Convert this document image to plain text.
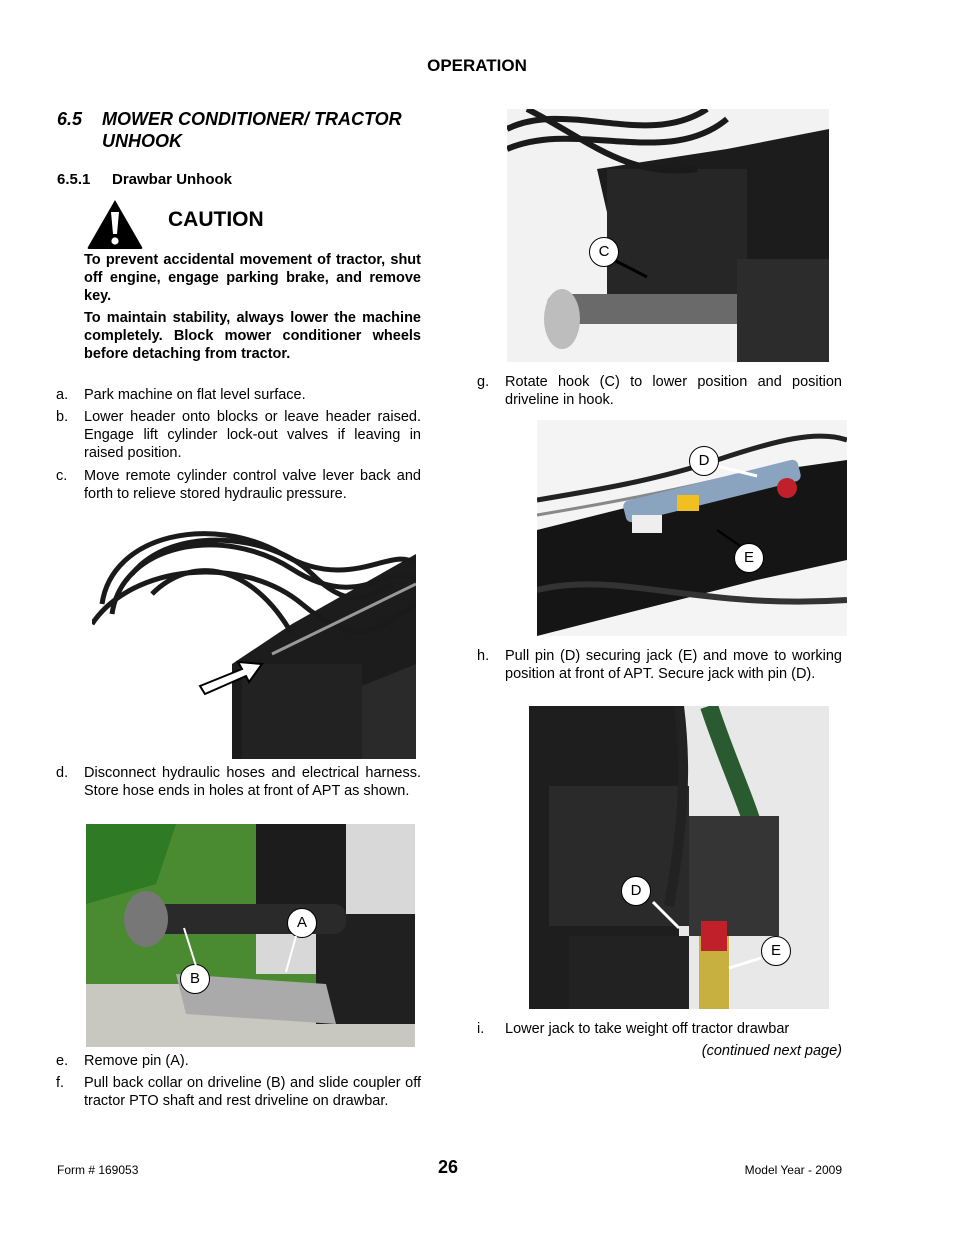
OPERATION
6.5 MOWER CONDITIONER/ TRACTOR
UNHOOK
6.5.1 Drawbar Unhook
CAUTION
To prevent accidental movement of tractor, shut off engine, engage parking brake, and remove key.
To maintain stability, always lower the machine completely. Block mower conditioner wheels before detaching from tractor.
a. Park machine on flat level surface.
b. Lower header onto blocks or leave header raised. Engage lift cylinder lock-out valves if leaving in raised position.
c. Move remote cylinder control valve lever back and forth to relieve stored hydraulic pressure.
d. Disconnect hydraulic hoses and electrical harness. Store hose ends in holes at front of APT as shown.
A
B
e. Remove pin (A).
f. Pull back collar on driveline (B) and slide coupler off tractor PTO shaft and rest driveline on drawbar.
C
g. Rotate hook (C) to lower position and position driveline in hook.
D
E
h. Pull pin (D) securing jack (E) and move to working position at front of APT. Secure jack with pin (D).
D
E
i. Lower jack to take weight off tractor drawbar
(continued next page)
Form # 169053	26	Model Year - 2009
